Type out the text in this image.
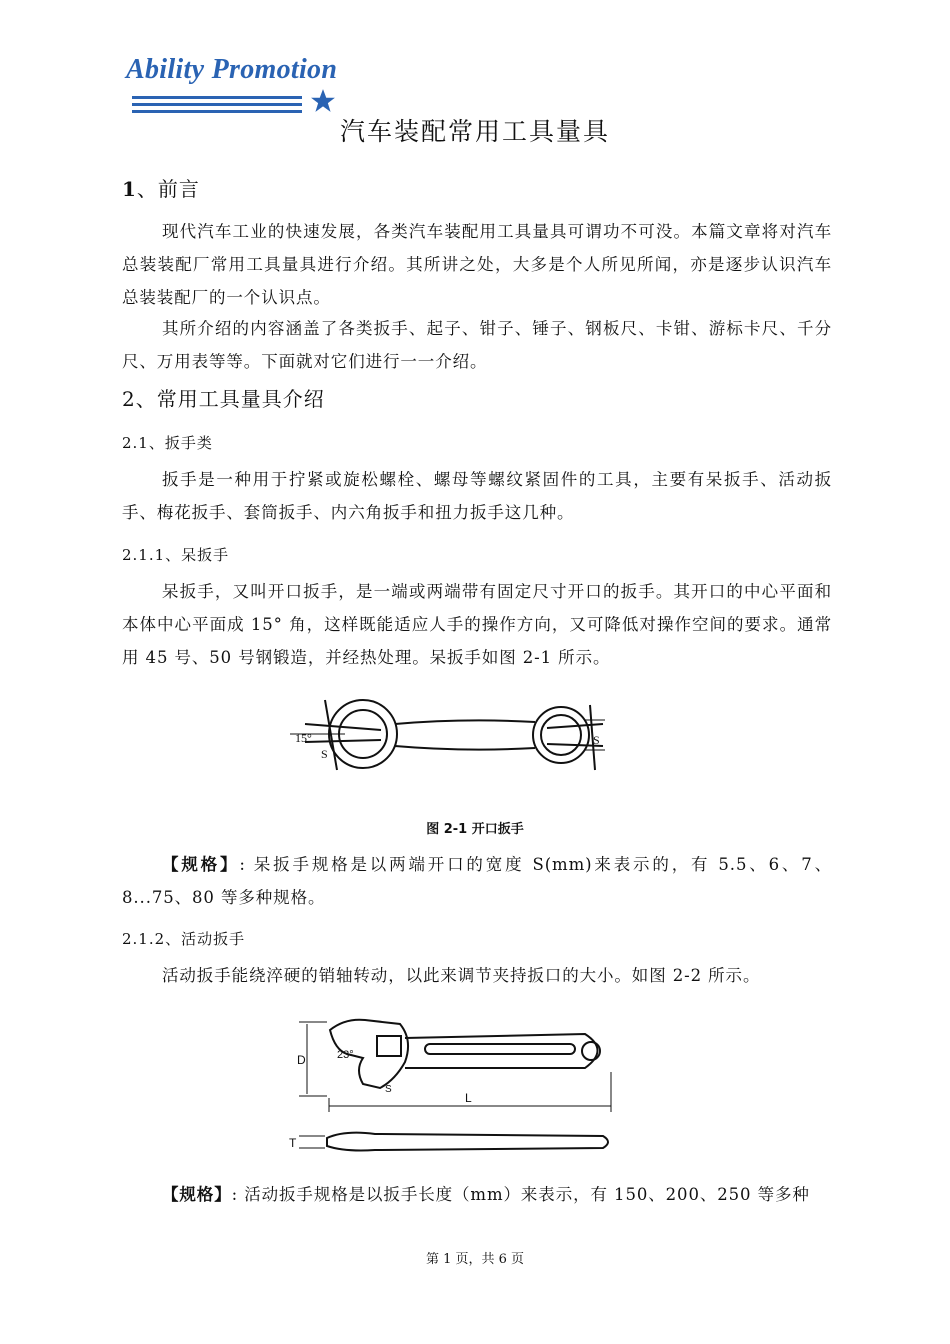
Ability Promotion
汽车装配常用工具量具
1、前言

现代汽车工业的快速发展，各类汽车装配用工具量具可谓功不可没。本篇文章将对汽车总装装配厂常用工具量具进行介绍。其所讲之处，大多是个人所见所闻，亦是逐步认识汽车总装装配厂的一个认识点。

其所介绍的内容涵盖了各类扳手、起子、钳子、锤子、钢板尺、卡钳、游标卡尺、千分尺、万用表等等。下面就对它们进行一一介绍。

2、常用工具量具介绍
2.1、扳手类

扳手是一种用于拧紧或旋松螺栓、螺母等螺纹紧固件的工具，主要有呆扳手、活动扳手、梅花扳手、套筒扳手、内六角扳手和扭力扳手这几种。

2.1.1、呆扳手

呆扳手，又叫开口扳手，是一端或两端带有固定尺寸开口的扳手。其开口的中心平面和本体中心平面成 15° 角，这样既能适应人手的操作方向，又可降低对操作空间的要求。通常用 45 号、50 号钢锻造，并经热处理。呆扳手如图 2-1 所示。

15°
S
S
图 2-1 开口扳手

【规格】: 呆扳手规格是以两端开口的宽度 S(mm)来表示的，有 5.5、6、7、8...75、80 等多种规格。

2.1.2、活动扳手

活动扳手能绕淬硬的销轴转动，以此来调节夹持扳口的大小。如图 2-2 所示。

D	23°
S
L
T

【规格】: 活动扳手规格是以扳手长度（mm）来表示，有 150、200、250 等多种

第 1 页，共 6 页
